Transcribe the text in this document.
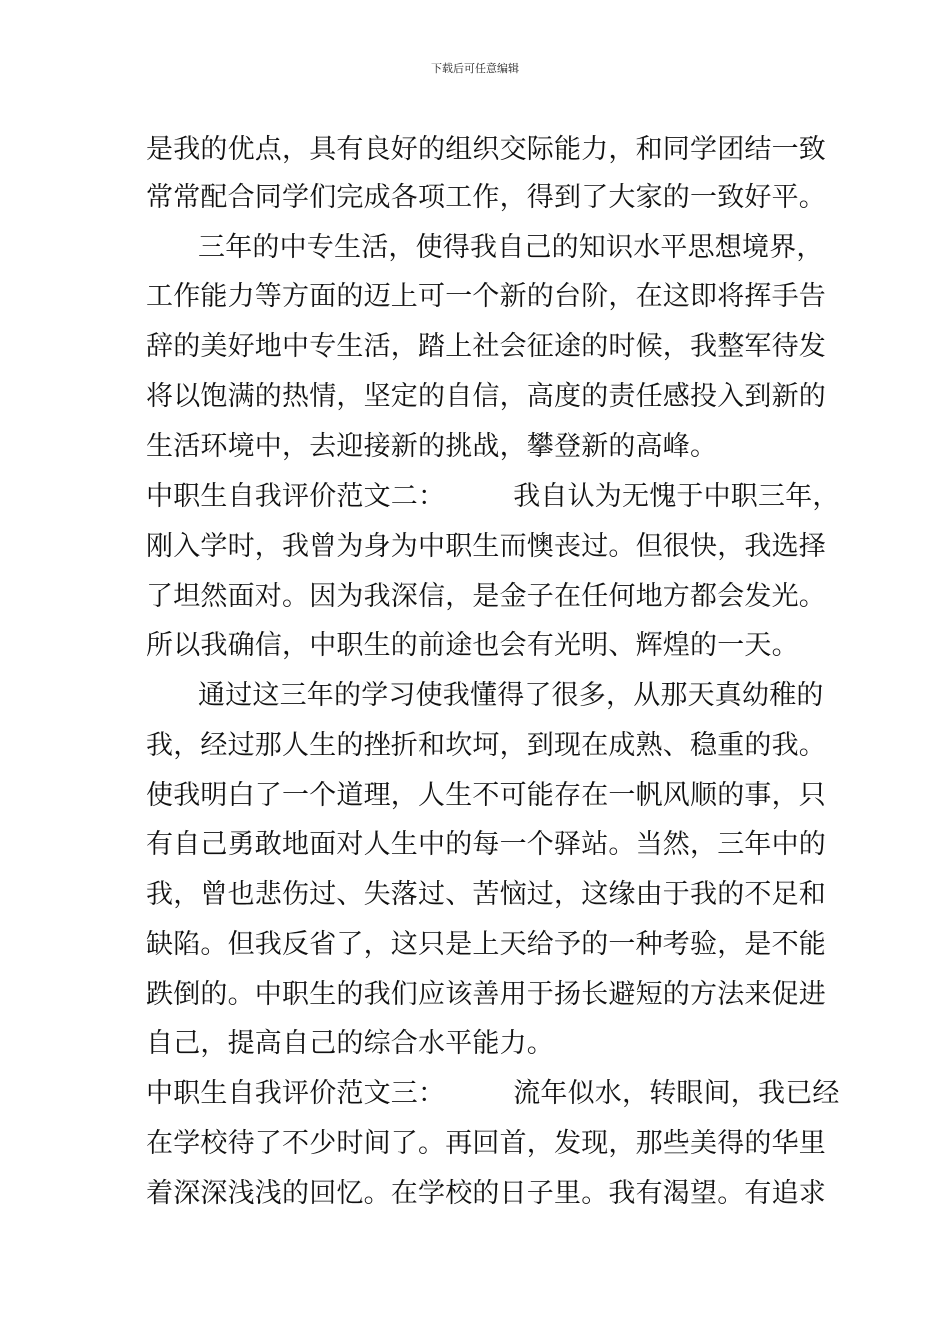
下载后可任意编辑
是我的优点，具有良好的组织交际能力，和同学团结一致
常常配合同学们完成各项工作，得到了大家的一致好平。
三年的中专生活，使得我自己的知识水平思想境界，
工作能力等方面的迈上可一个新的台阶，在这即将挥手告
辞的美好地中专生活，踏上社会征途的时候，我整军待发
将以饱满的热情，坚定的自信，高度的责任感投入到新的
生活环境中，去迎接新的挑战，攀登新的高峰。
中职生自我评价范文二：	我自认为无愧于中职三年，
刚入学时，我曾为身为中职生而懊丧过。但很快，我选择
了坦然面对。因为我深信，是金子在任何地方都会发光。
所以我确信，中职生的前途也会有光明、辉煌的一天。
通过这三年的学习使我懂得了很多，从那天真幼稚的
我，经过那人生的挫折和坎坷，到现在成熟、稳重的我。
使我明白了一个道理，人生不可能存在一帆风顺的事，只
有自己勇敢地面对人生中的每一个驿站。当然，三年中的
我，曾也悲伤过、失落过、苦恼过，这缘由于我的不足和
缺陷。但我反省了，这只是上天给予的一种考验，是不能
跌倒的。中职生的我们应该善用于扬长避短的方法来促进
自己，提高自己的综合水平能力。
中职生自我评价范文三：	流年似水，转眼间，我已经
在学校待了不少时间了。再回首，发现，那些美得的华里
着深深浅浅的回忆。在学校的日子里。我有渴望。有追求
